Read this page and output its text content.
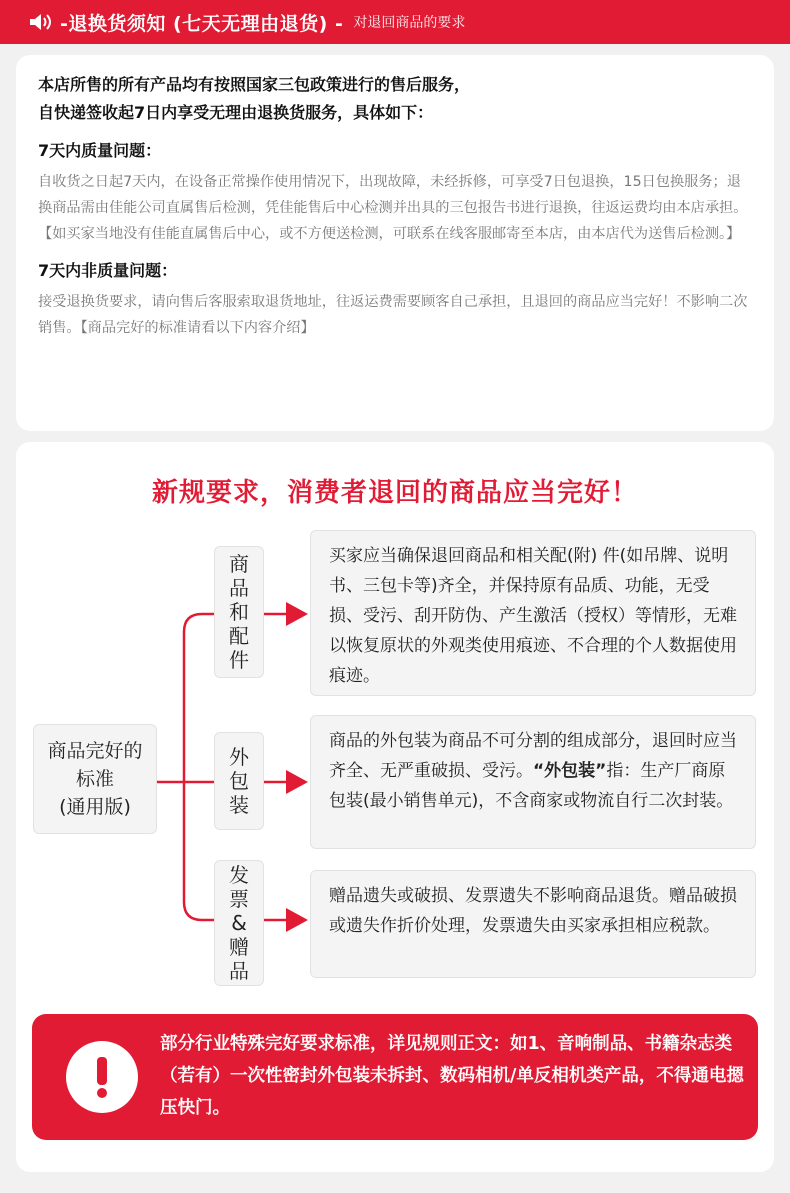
-退换货须知 (七天无理由退货) - 对退回商品的要求
本店所售的所有产品均有按照国家三包政策进行的售后服务，
自快递签收起7日内享受无理由退换货服务，具体如下：
7天内质量问题：
自收货之日起7天内，在设备正常操作使用情况下，出现故障，未经拆修，可享受7日包退换，15日包换服务；退换商品需由佳能公司直属售后检测，凭佳能售后中心检测并出具的三包报告书进行退换，往返运费均由本店承担。
【如买家当地没有佳能直属售后中心，或不方便送检测，可联系在线客服邮寄至本店，由本店代为送售后检测。】
7天内非质量问题：
接受退换货要求，请向售后客服索取退货地址，往返运费需要顾客自己承担，且退回的商品应当完好！不影响二次销售。【商品完好的标准请看以下内容介绍】
新规要求，消费者退回的商品应当完好！
商品完好的
标准
(通用版)
商品和配件
外包装
发票&赠品
买家应当确保退回商品和相关配(附) 件(如吊牌、说明书、三包卡等)齐全，并保持原有品质、功能，无受损、受污、刮开防伪、产生激活（授权）等情形，无难以恢复原状的外观类使用痕迹、不合理的个人数据使用痕迹。
商品的外包装为商品不可分割的组成部分，退回时应当齐全、无严重破损、受污。“外包装”指：生产厂商原包装(最小销售单元)，不含商家或物流自行二次封装。
赠品遗失或破损、发票遗失不影响商品退货。赠品破损或遗失作折价处理，发票遗失由买家承担相应税款。
部分行业特殊完好要求标准，详见规则正文：如1、音响制品、书籍杂志类（若有）一次性密封外包装未拆封、数码相机/单反相机类产品，不得通电摁压快门。
